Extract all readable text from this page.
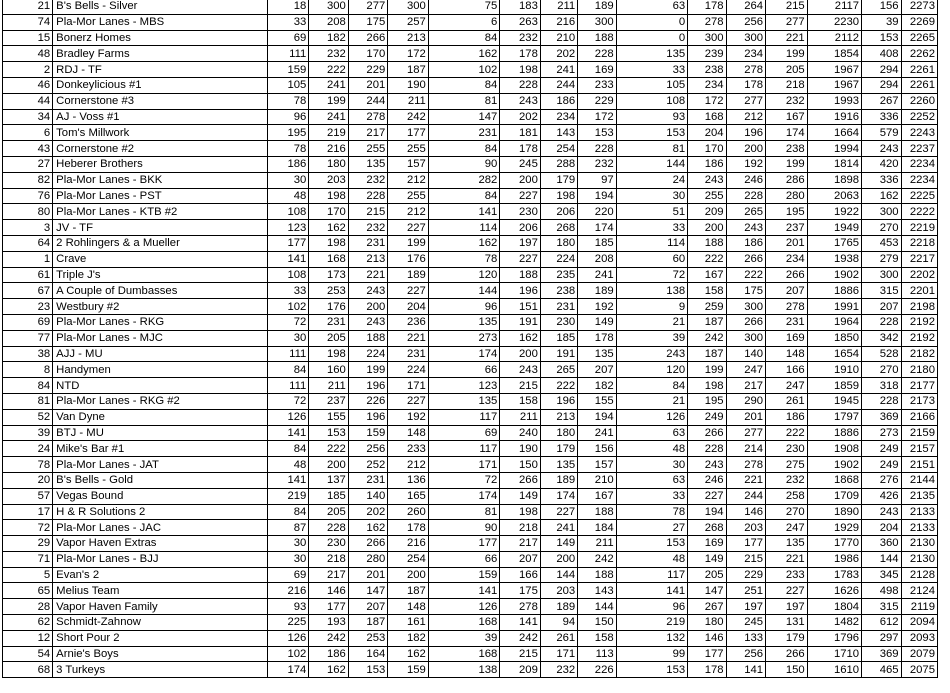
21	B's Bells - Silver	18	300	277	300	75	183	211	189	63	178	264	215	2117	156	2273
74	Pla-Mor Lanes - MBS	33	208	175	257	6	263	216	300	0	278	256	277	2230	39	2269
15	Bonerz Homes	69	182	266	213	84	232	210	188	0	300	300	221	2112	153	2265
48	Bradley Farms	111	232	170	172	162	178	202	228	135	239	234	199	1854	408	2262
2	RDJ - TF	159	222	229	187	102	198	241	169	33	238	278	205	1967	294	2261
46	Donkeylicious #1	105	241	201	190	84	228	244	233	105	234	178	218	1967	294	2261
44	Cornerstone #3	78	199	244	211	81	243	186	229	108	172	277	232	1993	267	2260
34	AJ - Voss #1	96	241	278	242	147	202	234	172	93	168	212	167	1916	336	2252
6	Tom's Millwork	195	219	217	177	231	181	143	153	153	204	196	174	1664	579	2243
43	Cornerstone #2	78	216	255	255	84	178	254	228	81	170	200	238	1994	243	2237
27	Heberer Brothers	186	180	135	157	90	245	288	232	144	186	192	199	1814	420	2234
82	Pla-Mor Lanes - BKK	30	203	232	212	282	200	179	97	24	243	246	286	1898	336	2234
76	Pla-Mor Lanes - PST	48	198	228	255	84	227	198	194	30	255	228	280	2063	162	2225
80	Pla-Mor Lanes - KTB #2	108	170	215	212	141	230	206	220	51	209	265	195	1922	300	2222
3	JV - TF	123	162	232	227	114	206	268	174	33	200	243	237	1949	270	2219
64	2 Rohlingers & a Mueller	177	198	231	199	162	197	180	185	114	188	186	201	1765	453	2218
1	Crave	141	168	213	176	78	227	224	208	60	222	266	234	1938	279	2217
61	Triple J's	108	173	221	189	120	188	235	241	72	167	222	266	1902	300	2202
67	A Couple of Dumbasses	33	253	243	227	144	196	238	189	138	158	175	207	1886	315	2201
23	Westbury #2	102	176	200	204	96	151	231	192	9	259	300	278	1991	207	2198
69	Pla-Mor Lanes - RKG	72	231	243	236	135	191	230	149	21	187	266	231	1964	228	2192
77	Pla-Mor Lanes - MJC	30	205	188	221	273	162	185	178	39	242	300	169	1850	342	2192
38	AJJ - MU	111	198	224	231	174	200	191	135	243	187	140	148	1654	528	2182
8	Handymen	84	160	199	224	66	243	265	207	120	199	247	166	1910	270	2180
84	NTD	111	211	196	171	123	215	222	182	84	198	217	247	1859	318	2177
81	Pla-Mor Lanes - RKG #2	72	237	226	227	135	158	196	155	21	195	290	261	1945	228	2173
52	Van Dyne	126	155	196	192	117	211	213	194	126	249	201	186	1797	369	2166
39	BTJ - MU	141	153	159	148	69	240	180	241	63	266	277	222	1886	273	2159
24	Mike's Bar #1	84	222	256	233	117	190	179	156	48	228	214	230	1908	249	2157
78	Pla-Mor Lanes - JAT	48	200	252	212	171	150	135	157	30	243	278	275	1902	249	2151
20	B's Bells - Gold	141	137	231	136	72	266	189	210	63	246	221	232	1868	276	2144
57	Vegas Bound	219	185	140	165	174	149	174	167	33	227	244	258	1709	426	2135
17	H & R Solutions 2	84	205	202	260	81	198	227	188	78	194	146	270	1890	243	2133
72	Pla-Mor Lanes - JAC	87	228	162	178	90	218	241	184	27	268	203	247	1929	204	2133
29	Vapor Haven Extras	30	230	266	216	177	217	149	211	153	169	177	135	1770	360	2130
71	Pla-Mor Lanes - BJJ	30	218	280	254	66	207	200	242	48	149	215	221	1986	144	2130
5	Evan's 2	69	217	201	200	159	166	144	188	117	205	229	233	1783	345	2128
65	Melius Team	216	146	147	187	141	175	203	143	141	147	251	227	1626	498	2124
28	Vapor Haven Family	93	177	207	148	126	278	189	144	96	267	197	197	1804	315	2119
62	Schmidt-Zahnow	225	193	187	161	168	141	94	150	219	180	245	131	1482	612	2094
12	Short Pour 2	126	242	253	182	39	242	261	158	132	146	133	179	1796	297	2093
54	Arnie's Boys	102	186	164	162	168	215	171	113	99	177	256	266	1710	369	2079
68	3 Turkeys	174	162	153	159	138	209	232	226	153	178	141	150	1610	465	2075
